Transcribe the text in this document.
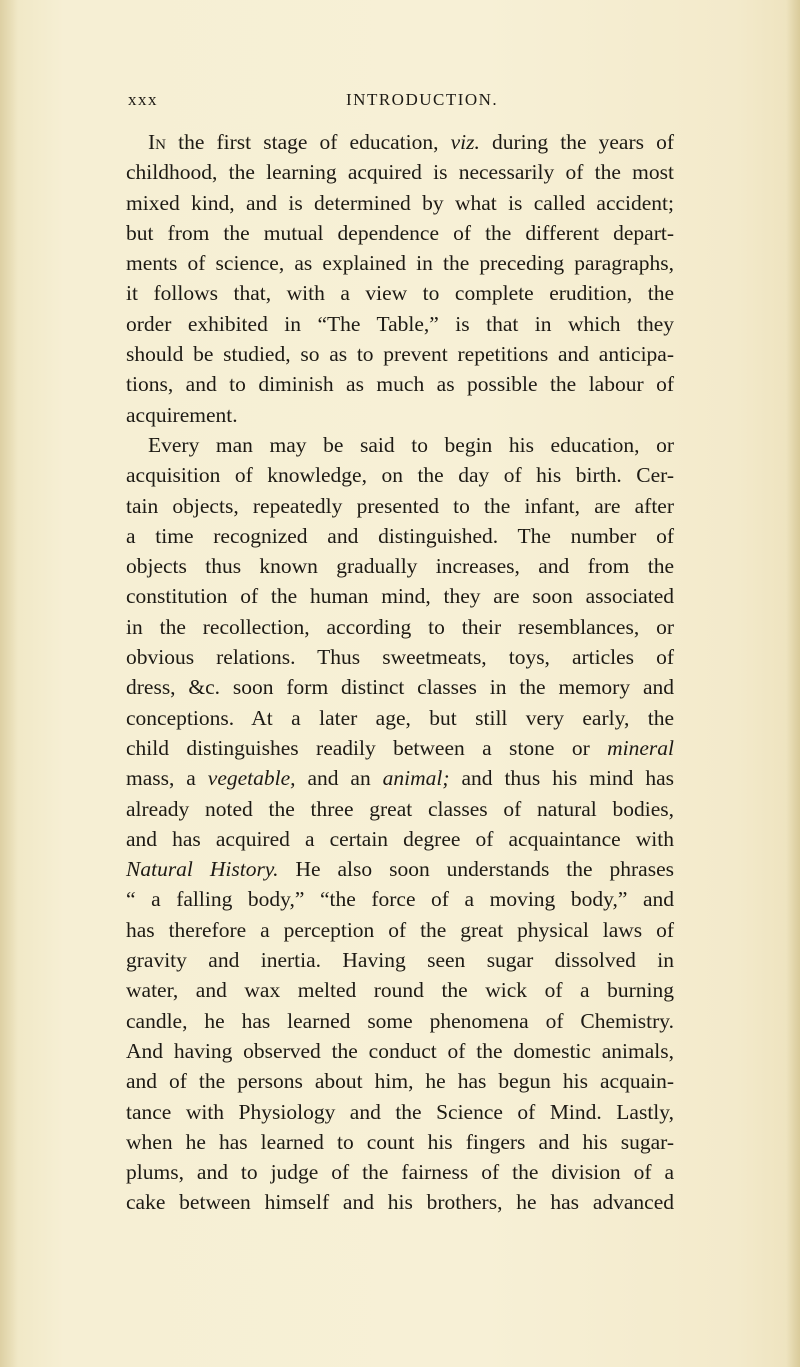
xxx	INTRODUCTION.
In the first stage of education, viz. during the years of
childhood, the learning acquired is necessarily of the most
mixed kind, and is determined by what is called accident;
but from the mutual dependence of the different depart-
ments of science, as explained in the preceding paragraphs,
it follows that, with a view to complete erudition, the
order exhibited in “The Table,” is that in which they
should be studied, so as to prevent repetitions and anticipa-
tions, and to diminish as much as possible the labour of
acquirement.
Every man may be said to begin his education, or
acquisition of knowledge, on the day of his birth. Cer-
tain objects, repeatedly presented to the infant, are after
a time recognized and distinguished. The number of
objects thus known gradually increases, and from the
constitution of the human mind, they are soon associated
in the recollection, according to their resemblances, or
obvious relations. Thus sweetmeats, toys, articles of
dress, &c. soon form distinct classes in the memory and
conceptions. At a later age, but still very early, the
child distinguishes readily between a stone or mineral
mass, a vegetable, and an animal; and thus his mind has
already noted the three great classes of natural bodies,
and has acquired a certain degree of acquaintance with
Natural History. He also soon understands the phrases
“ a falling body,” “the force of a moving body,” and
has therefore a perception of the great physical laws of
gravity and inertia. Having seen sugar dissolved in
water, and wax melted round the wick of a burning
candle, he has learned some phenomena of Chemistry.
And having observed the conduct of the domestic animals,
and of the persons about him, he has begun his acquain-
tance with Physiology and the Science of Mind. Lastly,
when he has learned to count his fingers and his sugar-
plums, and to judge of the fairness of the division of a
cake between himself and his brothers, he has advanced
